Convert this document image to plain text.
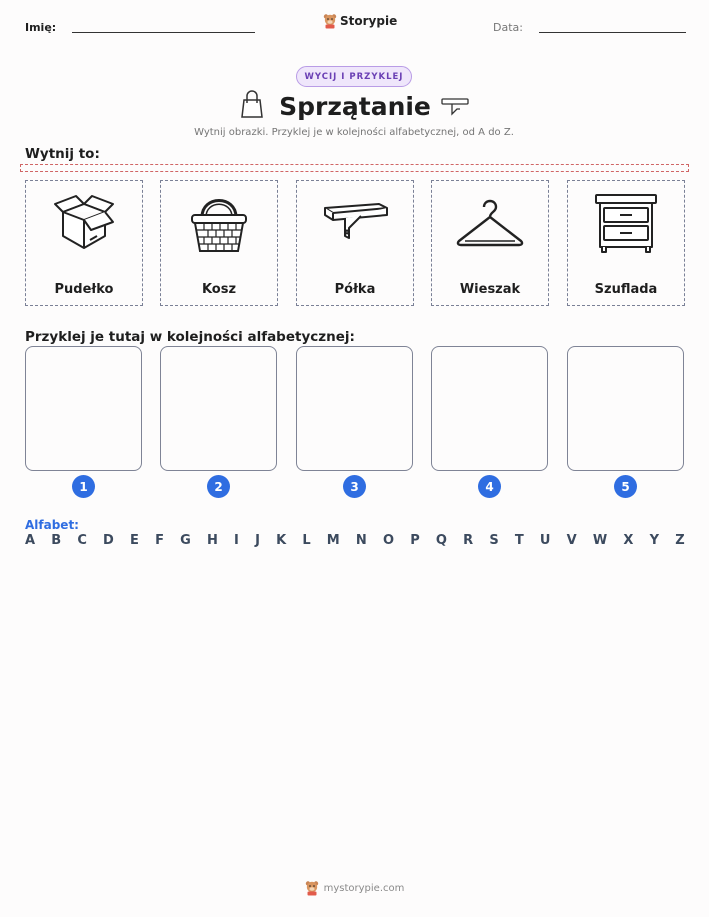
Imię:	Storypie	Data:
WYCIJ I PRZYKLEJ
Sprzątanie
Wytnij obrazki. Przyklej je w kolejności alfabetycznej, od A do Z.
Wytnij to:
Pudełko	Kosz	Półka	Wieszak	Szuflada
Przyklej je tutaj w kolejności alfabetycznej:
1	2	3	4	5
Alfabet:
A B C D E F G H I J K L M N O P Q R S T U V W X Y Z
mystorypie.com
